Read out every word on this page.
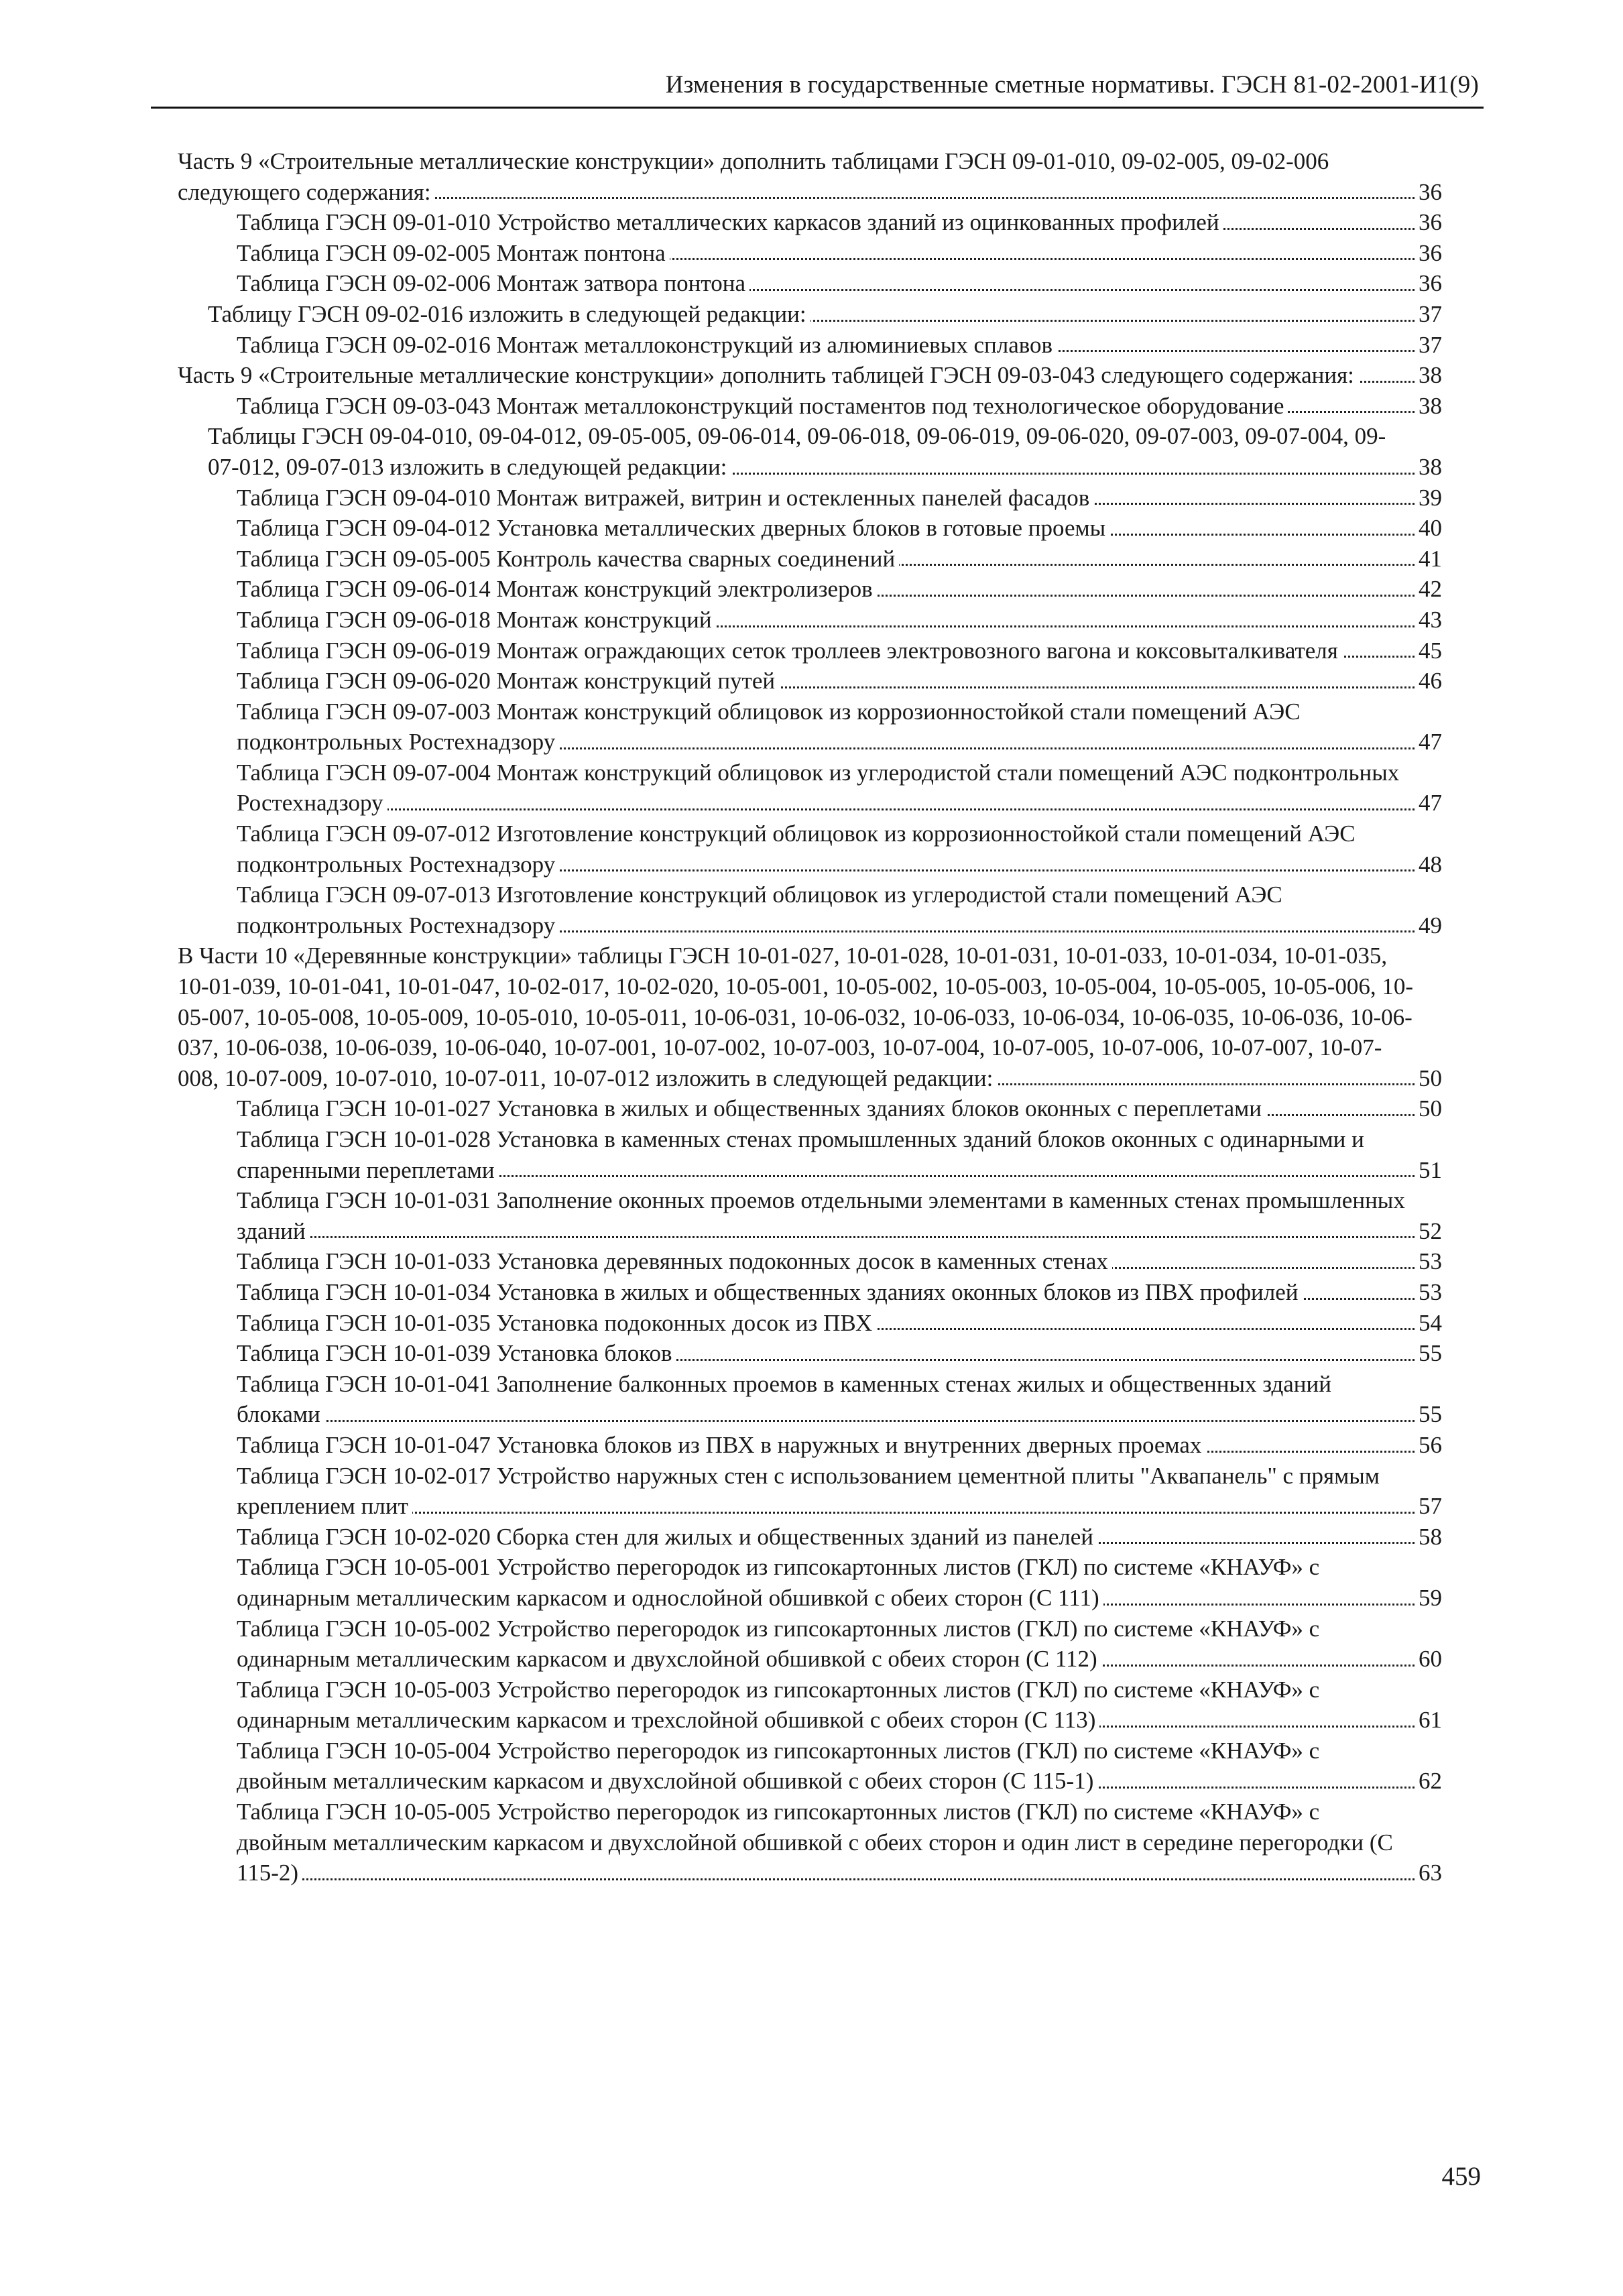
Изменения в государственные сметные нормативы. ГЭСН 81-02-2001-И1(9)
Часть 9 «Строительные металлические конструкции» дополнить таблицами ГЭСН 09-01-010, 09-02-005, 09-02-006 следующего содержания:	36
Таблица ГЭСН 09-01-010 Устройство металлических каркасов зданий из оцинкованных профилей	36
Таблица ГЭСН 09-02-005 Монтаж понтона	36
Таблица ГЭСН 09-02-006 Монтаж затвора понтона	36
Таблицу ГЭСН 09-02-016 изложить в следующей редакции:	37
Таблица ГЭСН 09-02-016 Монтаж металлоконструкций из алюминиевых сплавов	37
Часть 9 «Строительные металлические конструкции» дополнить таблицей ГЭСН 09-03-043 следующего содержания:	38
Таблица ГЭСН 09-03-043 Монтаж металлоконструкций постаментов под технологическое оборудование	38
Таблицы ГЭСН 09-04-010, 09-04-012, 09-05-005, 09-06-014, 09-06-018, 09-06-019, 09-06-020, 09-07-003, 09-07-004, 09-07-012, 09-07-013 изложить в следующей редакции:	38
Таблица ГЭСН 09-04-010 Монтаж витражей, витрин и остекленных панелей фасадов	39
Таблица ГЭСН 09-04-012 Установка металлических дверных блоков в готовые проемы	40
Таблица ГЭСН 09-05-005 Контроль качества сварных соединений	41
Таблица ГЭСН 09-06-014 Монтаж конструкций электролизеров	42
Таблица ГЭСН 09-06-018 Монтаж конструкций	43
Таблица ГЭСН 09-06-019 Монтаж ограждающих сеток троллеев электровозного вагона и коксовыталкивателя	45
Таблица ГЭСН 09-06-020 Монтаж конструкций путей	46
Таблица ГЭСН 09-07-003 Монтаж конструкций облицовок из коррозионностойкой стали помещений АЭС подконтрольных Ростехнадзору	47
Таблица ГЭСН 09-07-004 Монтаж конструкций облицовок из углеродистой стали помещений АЭС подконтрольных Ростехнадзору	47
Таблица ГЭСН 09-07-012 Изготовление конструкций облицовок из коррозионностойкой стали помещений АЭС подконтрольных Ростехнадзору	48
Таблица ГЭСН 09-07-013 Изготовление конструкций облицовок из углеродистой стали помещений АЭС подконтрольных Ростехнадзору	49
В Части 10 «Деревянные конструкции» таблицы ГЭСН 10-01-027, 10-01-028, 10-01-031, 10-01-033, 10-01-034, 10-01-035, 10-01-039, 10-01-041, 10-01-047, 10-02-017, 10-02-020, 10-05-001, 10-05-002, 10-05-003, 10-05-004, 10-05-005, 10-05-006, 10-05-007, 10-05-008, 10-05-009, 10-05-010, 10-05-011, 10-06-031, 10-06-032, 10-06-033, 10-06-034, 10-06-035, 10-06-036, 10-06-037, 10-06-038, 10-06-039, 10-06-040, 10-07-001, 10-07-002, 10-07-003, 10-07-004, 10-07-005, 10-07-006, 10-07-007, 10-07-008, 10-07-009, 10-07-010, 10-07-011, 10-07-012 изложить в следующей редакции:	50
Таблица ГЭСН 10-01-027 Установка в жилых и общественных зданиях блоков оконных с переплетами	50
Таблица ГЭСН 10-01-028 Установка в каменных стенах промышленных зданий блоков оконных с одинарными и спаренными переплетами	51
Таблица ГЭСН 10-01-031 Заполнение оконных проемов отдельными элементами в каменных стенах промышленных зданий	52
Таблица ГЭСН 10-01-033 Установка деревянных подоконных досок в каменных стенах	53
Таблица ГЭСН 10-01-034 Установка в жилых и общественных зданиях оконных блоков из ПВХ профилей	53
Таблица ГЭСН 10-01-035 Установка подоконных досок из ПВХ	54
Таблица ГЭСН 10-01-039 Установка блоков	55
Таблица ГЭСН 10-01-041 Заполнение балконных проемов в каменных стенах жилых и общественных зданий блоками	55
Таблица ГЭСН 10-01-047 Установка блоков из ПВХ в наружных и внутренних дверных проемах	56
Таблица ГЭСН 10-02-017 Устройство наружных стен с использованием цементной плиты "Аквапанель" с прямым креплением плит	57
Таблица ГЭСН 10-02-020 Сборка стен для жилых и общественных зданий из панелей	58
Таблица ГЭСН 10-05-001 Устройство перегородок из гипсокартонных листов (ГКЛ) по системе «КНАУФ» с одинарным металлическим каркасом и однослойной обшивкой с обеих сторон (С 111)	59
Таблица ГЭСН 10-05-002 Устройство перегородок из гипсокартонных листов (ГКЛ) по системе «КНАУФ» с одинарным металлическим каркасом и двухслойной обшивкой с обеих сторон (С 112)	60
Таблица ГЭСН 10-05-003 Устройство перегородок из гипсокартонных листов (ГКЛ) по системе «КНАУФ» с одинарным металлическим каркасом и трехслойной обшивкой с обеих сторон (С 113)	61
Таблица ГЭСН 10-05-004 Устройство перегородок из гипсокартонных листов (ГКЛ) по системе «КНАУФ» с двойным металлическим каркасом и двухслойной обшивкой с обеих сторон (С 115-1)	62
Таблица ГЭСН 10-05-005 Устройство перегородок из гипсокартонных листов (ГКЛ) по системе «КНАУФ» с двойным металлическим каркасом и двухслойной обшивкой с обеих сторон и один лист в середине перегородки (С 115-2)	63
459
